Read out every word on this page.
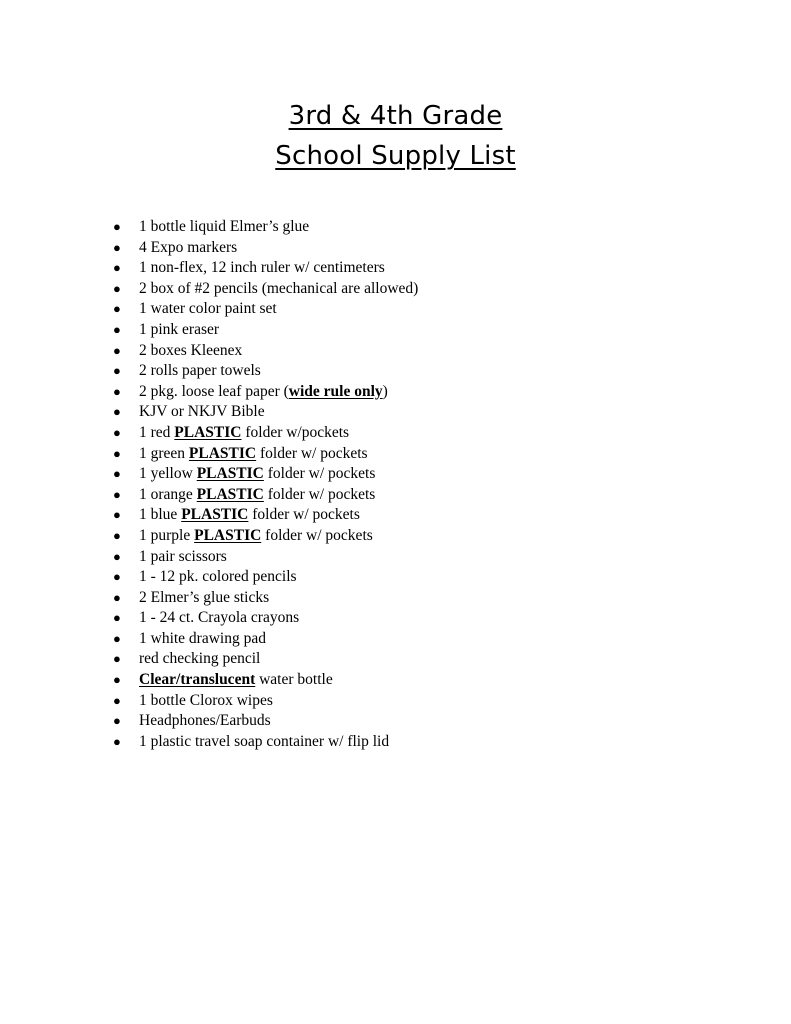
3rd & 4th Grade
School Supply List
●	1 bottle liquid Elmer’s glue
●	4 Expo markers
●	1 non-flex, 12 inch ruler w/ centimeters
●	2 box of #2 pencils (mechanical are allowed)
●	1 water color paint set
●	1 pink eraser
●	2 boxes Kleenex
●	2 rolls paper towels
●	2 pkg. loose leaf paper (wide rule only)
●	KJV or NKJV Bible
●	1 red PLASTIC folder w/pockets
●	1 green PLASTIC folder w/ pockets
●	1 yellow PLASTIC folder w/ pockets
●	1 orange PLASTIC folder w/ pockets
●	1 blue PLASTIC folder w/ pockets
●	1 purple PLASTIC folder w/ pockets
●	1 pair scissors
●	1 - 12 pk. colored pencils
●	2 Elmer’s glue sticks
●	1 - 24 ct. Crayola crayons
●	1 white drawing pad
●	red checking pencil
●	Clear/translucent water bottle
●	1 bottle Clorox wipes
●	Headphones/Earbuds
●	1 plastic travel soap container w/ flip lid
